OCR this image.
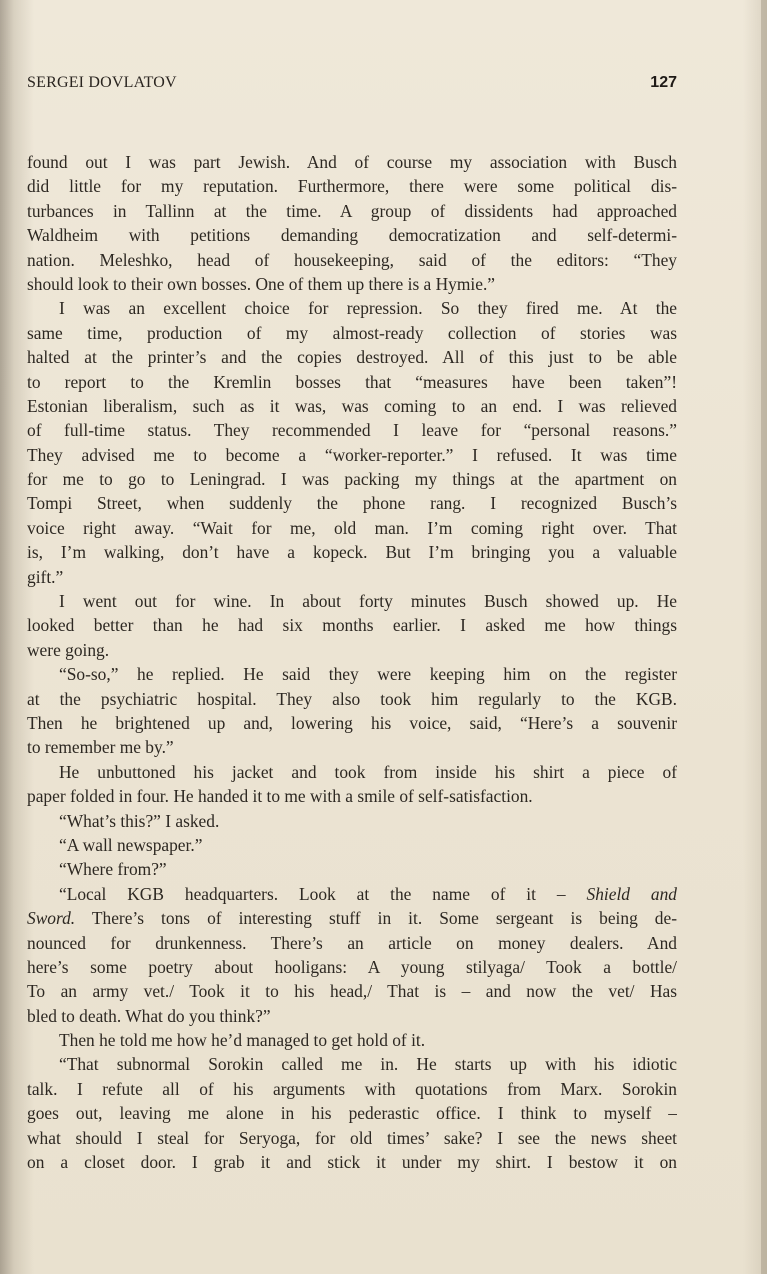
SERGEI DOVLATOV	127
found out I was part Jewish. And of course my association with Busch
did little for my reputation. Furthermore, there were some political dis-
turbances in Tallinn at the time. A group of dissidents had approached
Waldheim with petitions demanding democratization and self-determi-
nation. Meleshko, head of housekeeping, said of the editors: “They
should look to their own bosses. One of them up there is a Hymie.”
I was an excellent choice for repression. So they fired me. At the
same time, production of my almost-ready collection of stories was
halted at the printer’s and the copies destroyed. All of this just to be able
to report to the Kremlin bosses that “measures have been taken”!
Estonian liberalism, such as it was, was coming to an end. I was relieved
of full-time status. They recommended I leave for “personal reasons.”
They advised me to become a “worker-reporter.” I refused. It was time
for me to go to Leningrad. I was packing my things at the apartment on
Tompi Street, when suddenly the phone rang. I recognized Busch’s
voice right away. “Wait for me, old man. I’m coming right over. That
is, I’m walking, don’t have a kopeck. But I’m bringing you a valuable
gift.”
I went out for wine. In about forty minutes Busch showed up. He
looked better than he had six months earlier. I asked me how things
were going.
“So-so,” he replied. He said they were keeping him on the register
at the psychiatric hospital. They also took him regularly to the KGB.
Then he brightened up and, lowering his voice, said, “Here’s a souvenir
to remember me by.”
He unbuttoned his jacket and took from inside his shirt a piece of
paper folded in four. He handed it to me with a smile of self-satisfaction.
“What’s this?” I asked.
“A wall newspaper.”
“Where from?”
“Local KGB headquarters. Look at the name of it – Shield and
Sword. There’s tons of interesting stuff in it. Some sergeant is being de-
nounced for drunkenness. There’s an article on money dealers. And
here’s some poetry about hooligans: A young stilyaga/ Took a bottle/
To an army vet./ Took it to his head,/ That is – and now the vet/ Has
bled to death. What do you think?”
Then he told me how he’d managed to get hold of it.
“That subnormal Sorokin called me in. He starts up with his idiotic
talk. I refute all of his arguments with quotations from Marx. Sorokin
goes out, leaving me alone in his pederastic office. I think to myself –
what should I steal for Seryoga, for old times’ sake? I see the news sheet
on a closet door. I grab it and stick it under my shirt. I bestow it on
